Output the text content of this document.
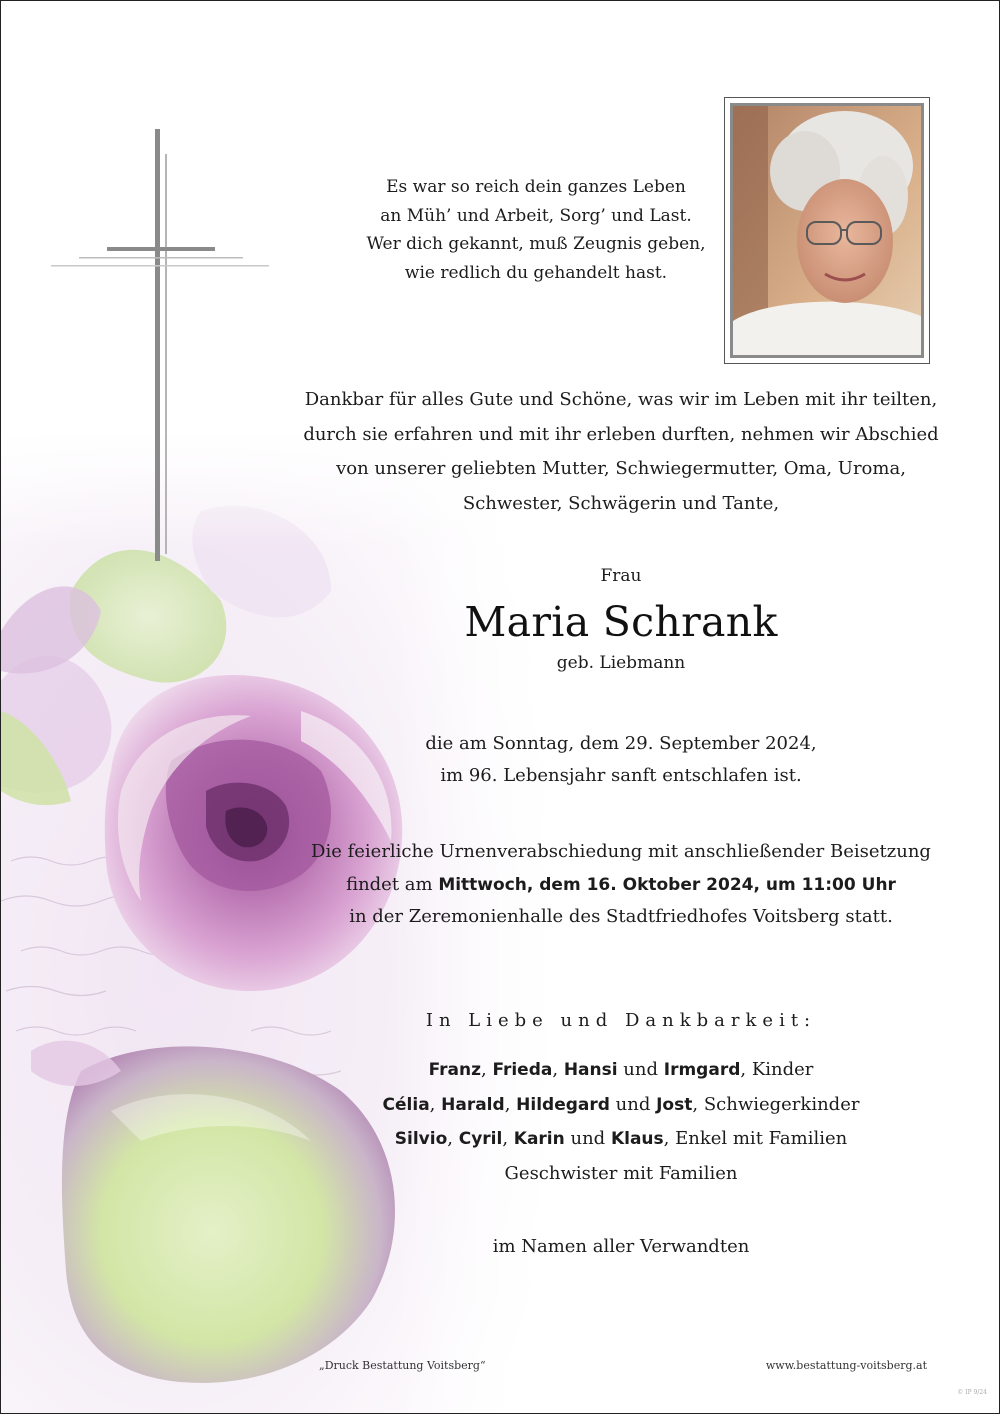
Es war so reich dein ganzes Leben
an Müh’ und Arbeit, Sorg’ und Last.
Wer dich gekannt, muß Zeugnis geben,
wie redlich du gehandelt hast.
Dankbar für alles Gute und Schöne, was wir im Leben mit ihr teilten,
durch sie erfahren und mit ihr erleben durften, nehmen wir Abschied
von unserer geliebten Mutter, Schwiegermutter, Oma, Uroma,
Schwester, Schwägerin und Tante,
Frau
Maria Schrank
geb. Liebmann
die am Sonntag, dem 29. September 2024,
im 96. Lebensjahr sanft entschlafen ist.
Die feierliche Urnenverabschiedung mit anschließender Beisetzung
findet am Mittwoch, dem 16. Oktober 2024, um 11:00 Uhr
in der Zeremonienhalle des Stadtfriedhofes Voitsberg statt.
In Liebe und Dankbarkeit:
Franz, Frieda, Hansi und Irmgard, Kinder
Célia, Harald, Hildegard und Jost, Schwiegerkinder
Silvio, Cyril, Karin und Klaus, Enkel mit Familien
Geschwister mit Familien
im Namen aller Verwandten
„Druck Bestattung Voitsberg“	www.bestattung-voitsberg.at
© IP 9/24
